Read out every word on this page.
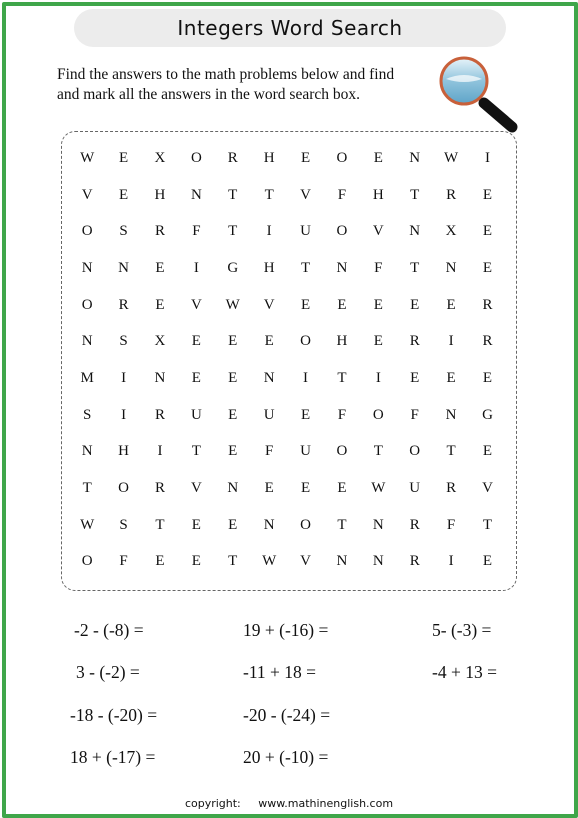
Integers Word Search
Find the answers to the math problems below and find
and mark all the answers in the word search box.
W	E	X	O	R	H	E	O	E	N	W	I
V	E	H	N	T	T	V	F	H	T	R	E
O	S	R	F	T	I	U	O	V	N	X	E
N	N	E	I	G	H	T	N	F	T	N	E
O	R	E	V	W	V	E	E	E	E	E	R
N	S	X	E	E	E	O	H	E	R	I	R
M	I	N	E	E	N	I	T	I	E	E	E
S	I	R	U	E	U	E	F	O	F	N	G
N	H	I	T	E	F	U	O	T	O	T	E
T	O	R	V	N	E	E	E	W	U	R	V
W	S	T	E	E	N	O	T	N	R	F	T
O	F	E	E	T	W	V	N	N	R	I	E
-2 - (-8) =	19 + (-16) =	5- (-3) =
3 - (-2) =	-11 + 18 =	-4 + 13 =
-18 - (-20) =	-20 - (-24) =
18 + (-17) =	20 + (-10) =
copyright: www.mathinenglish.com
